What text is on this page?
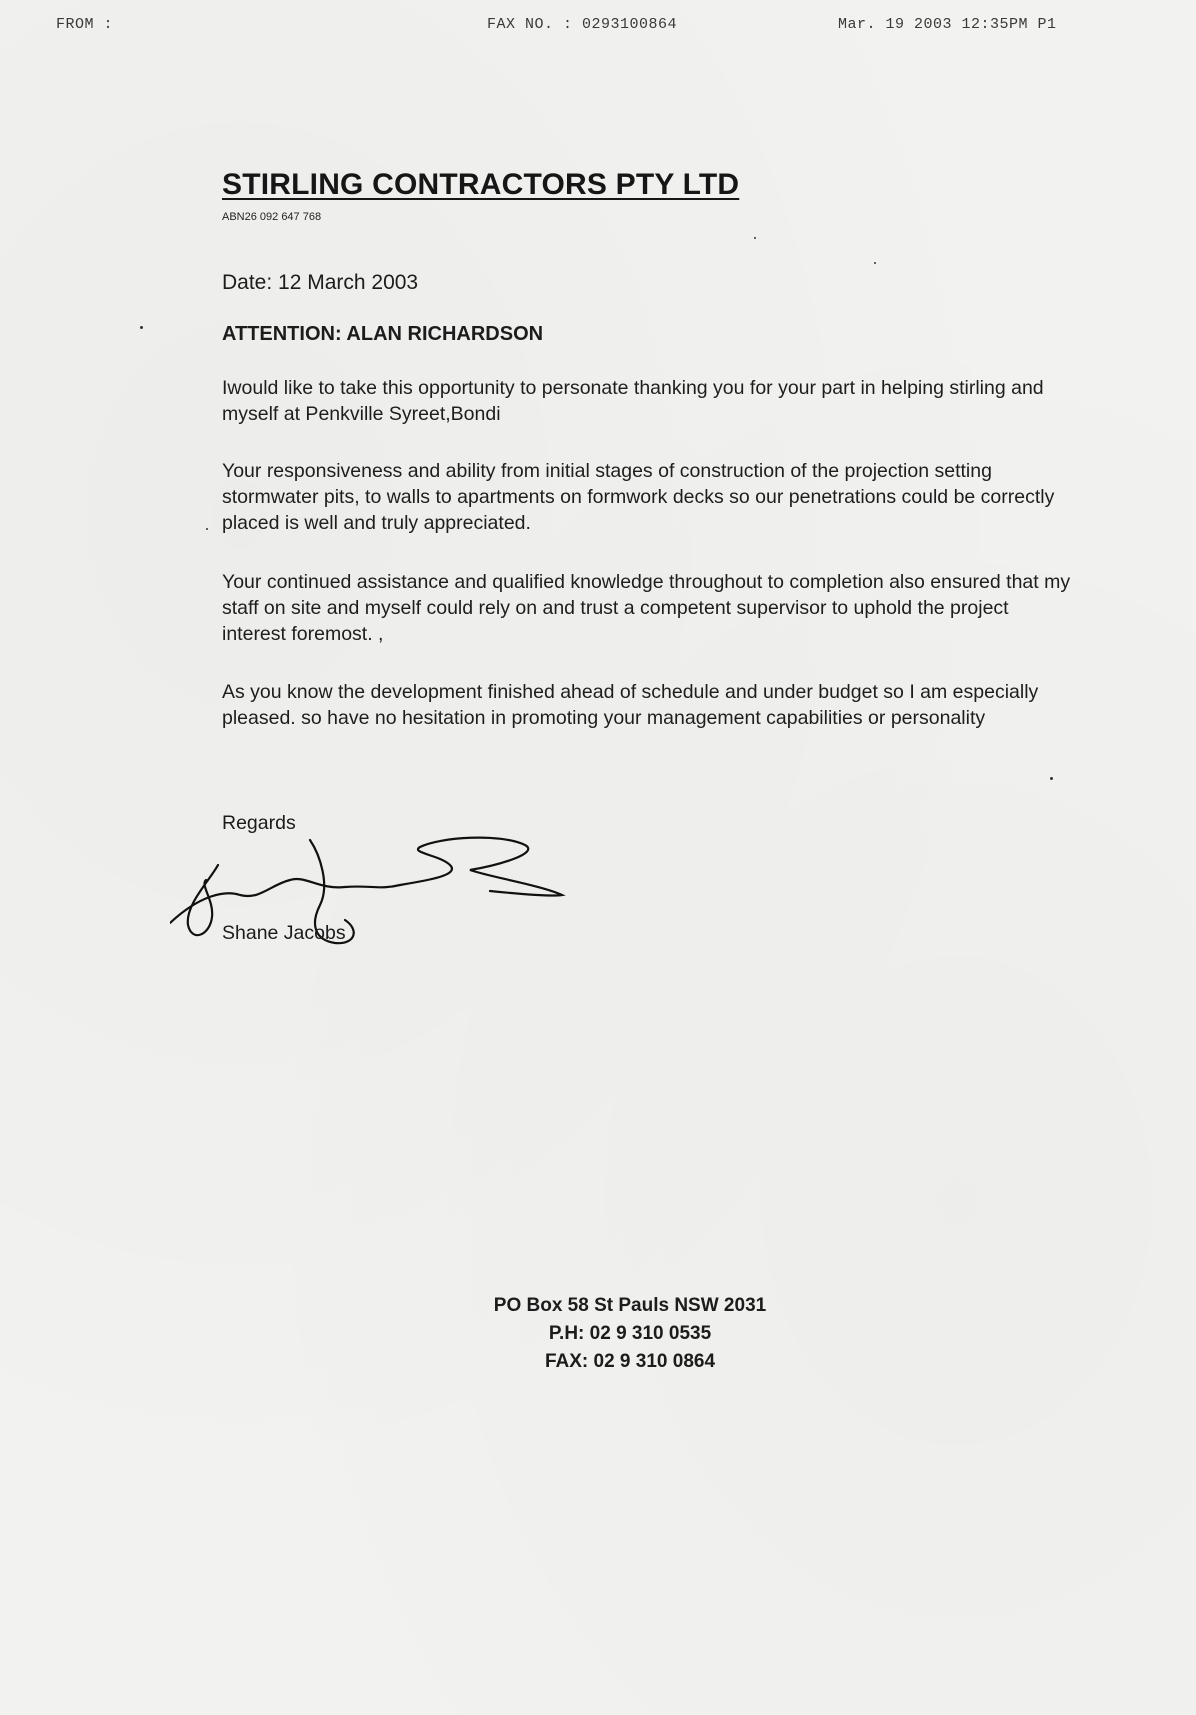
FROM :	FAX NO. : 0293100864	Mar. 19 2003 12:35PM P1
STIRLING CONTRACTORS PTY LTD
ABN26 092 647 768
Date: 12 March 2003
ATTENTION: ALAN RICHARDSON
Iwould like to take this opportunity to personate thanking you for your part in helping stirling and myself at Penkville Syreet,Bondi
Your responsiveness and ability from initial stages of construction of the projection setting stormwater pits, to walls to apartments on formwork decks so our penetrations could be correctly placed is well and truly appreciated.
Your continued assistance and qualified knowledge throughout to completion also ensured that my staff on site and myself could rely on and trust a competent supervisor to uphold the project interest foremost. ,
As you know the development finished ahead of schedule and under budget so I am especially pleased. so have no hesitation in promoting your management capabilities or personality
Regards
Shane Jacobs
PO Box 58 St Pauls NSW 2031
P.H: 02 9 310 0535
FAX: 02 9 310 0864
